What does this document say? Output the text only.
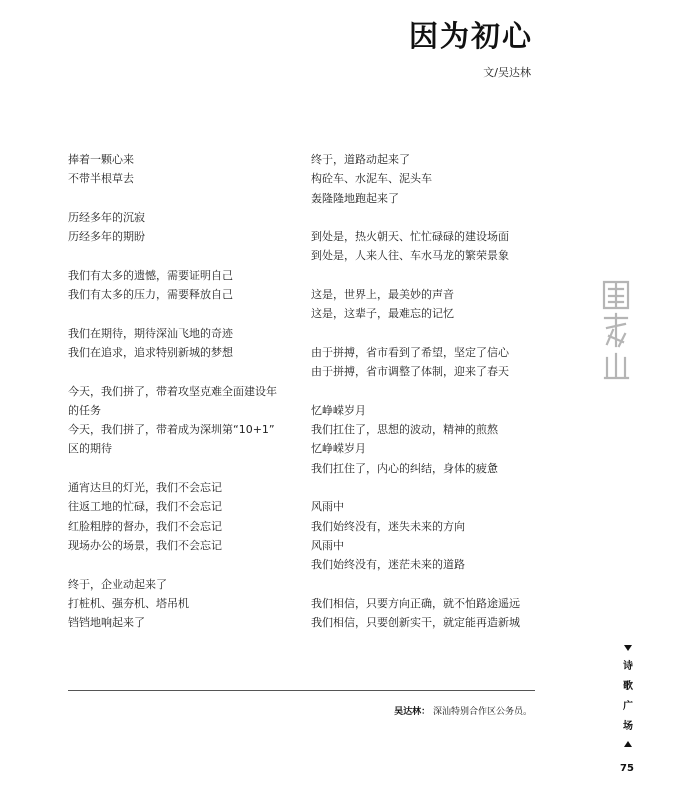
因为初心
文/吴达林
捧着一颗心来
不带半根草去
历经多年的沉寂
历经多年的期盼
我们有太多的遗憾，需要证明自己
我们有太多的压力，需要释放自己
我们在期待，期待深汕飞地的奇迹
我们在追求，追求特别新城的梦想
今天，我们拼了，带着攻坚克难全面建设年
的任务
今天，我们拼了，带着成为深圳第“10+1”
区的期待
通宵达旦的灯光，我们不会忘记
往返工地的忙碌，我们不会忘记
红脸粗脖的督办，我们不会忘记
现场办公的场景，我们不会忘记
终于，企业动起来了
打桩机、强夯机、塔吊机
铛铛地响起来了
终于，道路动起来了
构砼车、水泥车、泥头车
轰隆隆地跑起来了
到处是，热火朝天、忙忙碌碌的建设场面
到处是，人来人往、车水马龙的繁荣景象
这是，世界上，最美妙的声音
这是，这辈子，最难忘的记忆
由于拼搏，省市看到了希望，坚定了信心
由于拼搏，省市调整了体制，迎来了春天
忆峥嵘岁月
我们扛住了，思想的波动，精神的煎熬
忆峥嵘岁月
我们扛住了，内心的纠结，身体的疲惫
风雨中
我们始终没有，迷失未来的方向
风雨中
我们始终没有，迷茫未来的道路
我们相信，只要方向正确，就不怕路途遥远
我们相信，只要创新实干，就定能再造新城
吴达林： 深汕特别合作区公务员。
诗
歌
广
场
75
